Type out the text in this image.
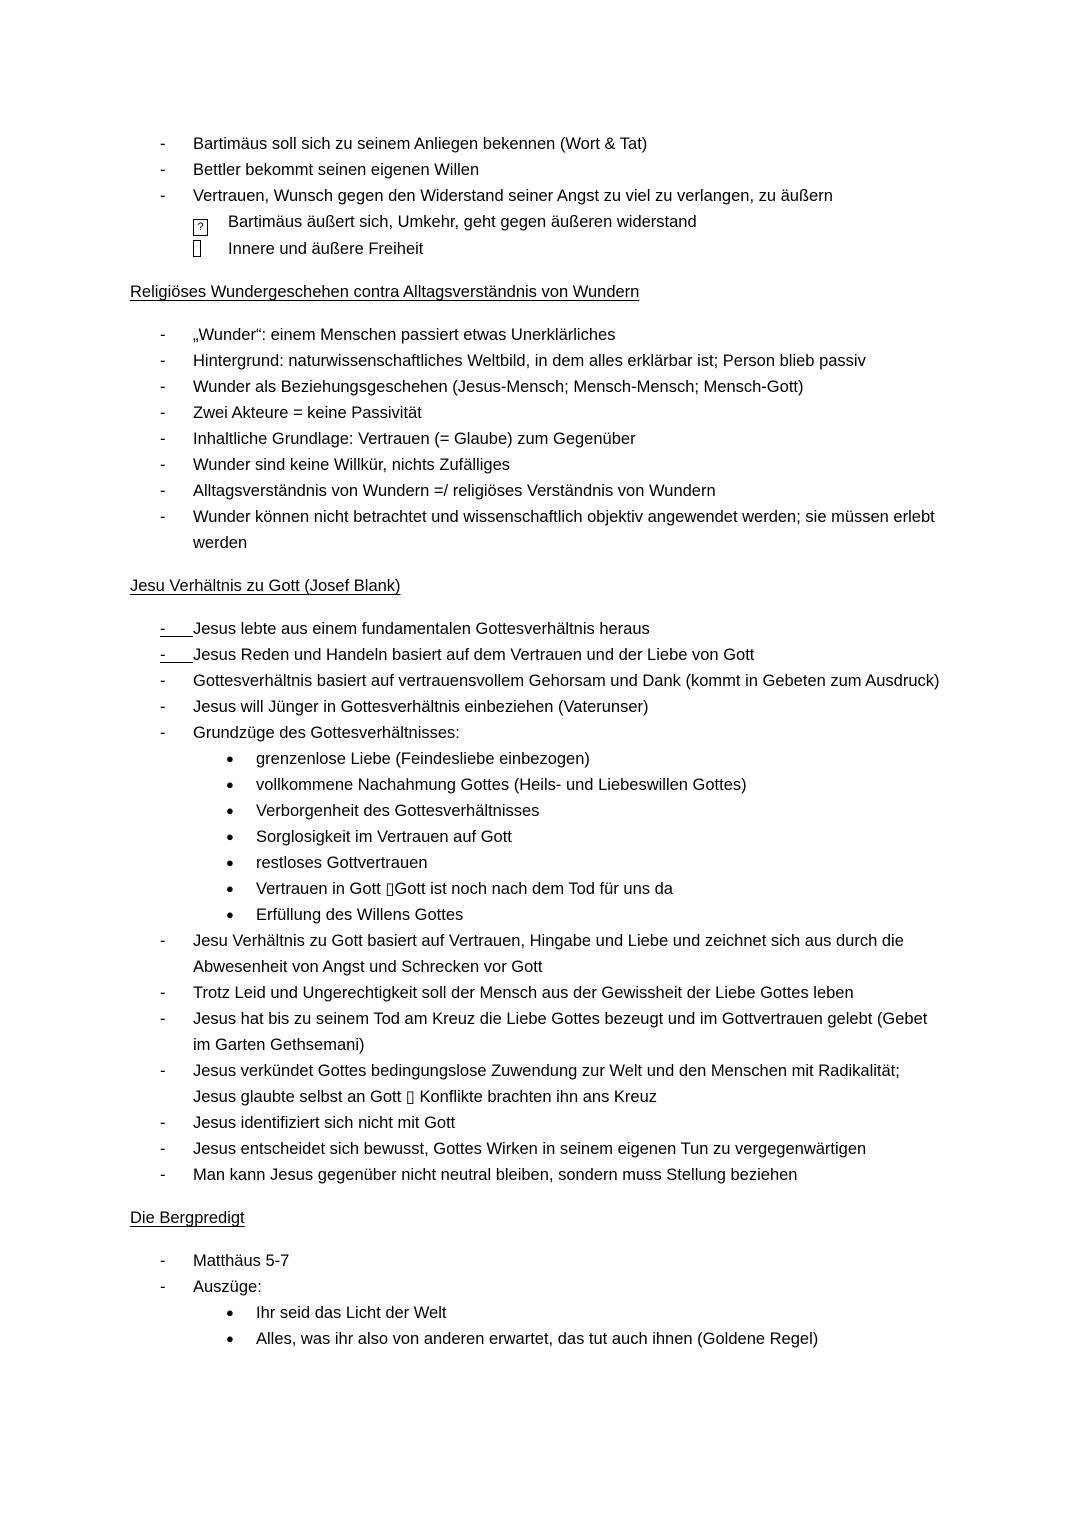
-	Bartimäus soll sich zu seinem Anliegen bekennen (Wort & Tat)
-	Bettler bekommt seinen eigenen Willen
-	Vertrauen, Wunsch gegen den Widerstand seiner Angst zu viel zu verlangen, zu äußern
?	Bartimäus äußert sich, Umkehr, geht gegen äußeren widerstand
Innere und äußere Freiheit
Religiöses Wundergeschehen contra Alltagsverständnis von Wundern
-	„Wunder“: einem Menschen passiert etwas Unerklärliches
-	Hintergrund: naturwissenschaftliches Weltbild, in dem alles erklärbar ist; Person blieb passiv
-	Wunder als Beziehungsgeschehen (Jesus-Mensch; Mensch-Mensch; Mensch-Gott)
-	Zwei Akteure = keine Passivität
-	Inhaltliche Grundlage: Vertrauen (= Glaube) zum Gegenüber
-	Wunder sind keine Willkür, nichts Zufälliges
-	Alltagsverständnis von Wundern =/ religiöses Verständnis von Wundern
-	Wunder können nicht betrachtet und wissenschaftlich objektiv angewendet werden; sie müssen erlebt werden
Jesu Verhältnis zu Gott (Josef Blank)
-	Jesus lebte aus einem fundamentalen Gottesverhältnis heraus
-	Jesus Reden und Handeln basiert auf dem Vertrauen und der Liebe von Gott
-	Gottesverhältnis basiert auf vertrauensvollem Gehorsam und Dank (kommt in Gebeten zum Ausdruck)
-	Jesus will Jünger in Gottesverhältnis einbeziehen (Vaterunser)
-	Grundzüge des Gottesverhältnisses:
●	grenzenlose Liebe (Feindesliebe einbezogen)
●	vollkommene Nachahmung Gottes (Heils- und Liebeswillen Gottes)
●	Verborgenheit des Gottesverhältnisses
●	Sorglosigkeit im Vertrauen auf Gott
●	restloses Gottvertrauen
●	Vertrauen in Gott ▯Gott ist noch nach dem Tod für uns da
●	Erfüllung des Willens Gottes
-	Jesu Verhältnis zu Gott basiert auf Vertrauen, Hingabe und Liebe und zeichnet sich aus durch die Abwesenheit von Angst und Schrecken vor Gott
-	Trotz Leid und Ungerechtigkeit soll der Mensch aus der Gewissheit der Liebe Gottes leben
-	Jesus hat bis zu seinem Tod am Kreuz die Liebe Gottes bezeugt und im Gottvertrauen gelebt (Gebet im Garten Gethsemani)
-	Jesus verkündet Gottes bedingungslose Zuwendung zur Welt und den Menschen mit Radikalität; Jesus glaubte selbst an Gott ▯ Konflikte brachten ihn ans Kreuz
-	Jesus identifiziert sich nicht mit Gott
-	Jesus entscheidet sich bewusst, Gottes Wirken in seinem eigenen Tun zu vergegenwärtigen
-	Man kann Jesus gegenüber nicht neutral bleiben, sondern muss Stellung beziehen
Die Bergpredigt
-	Matthäus 5-7
-	Auszüge:
●	Ihr seid das Licht der Welt
●	Alles, was ihr also von anderen erwartet, das tut auch ihnen (Goldene Regel)
